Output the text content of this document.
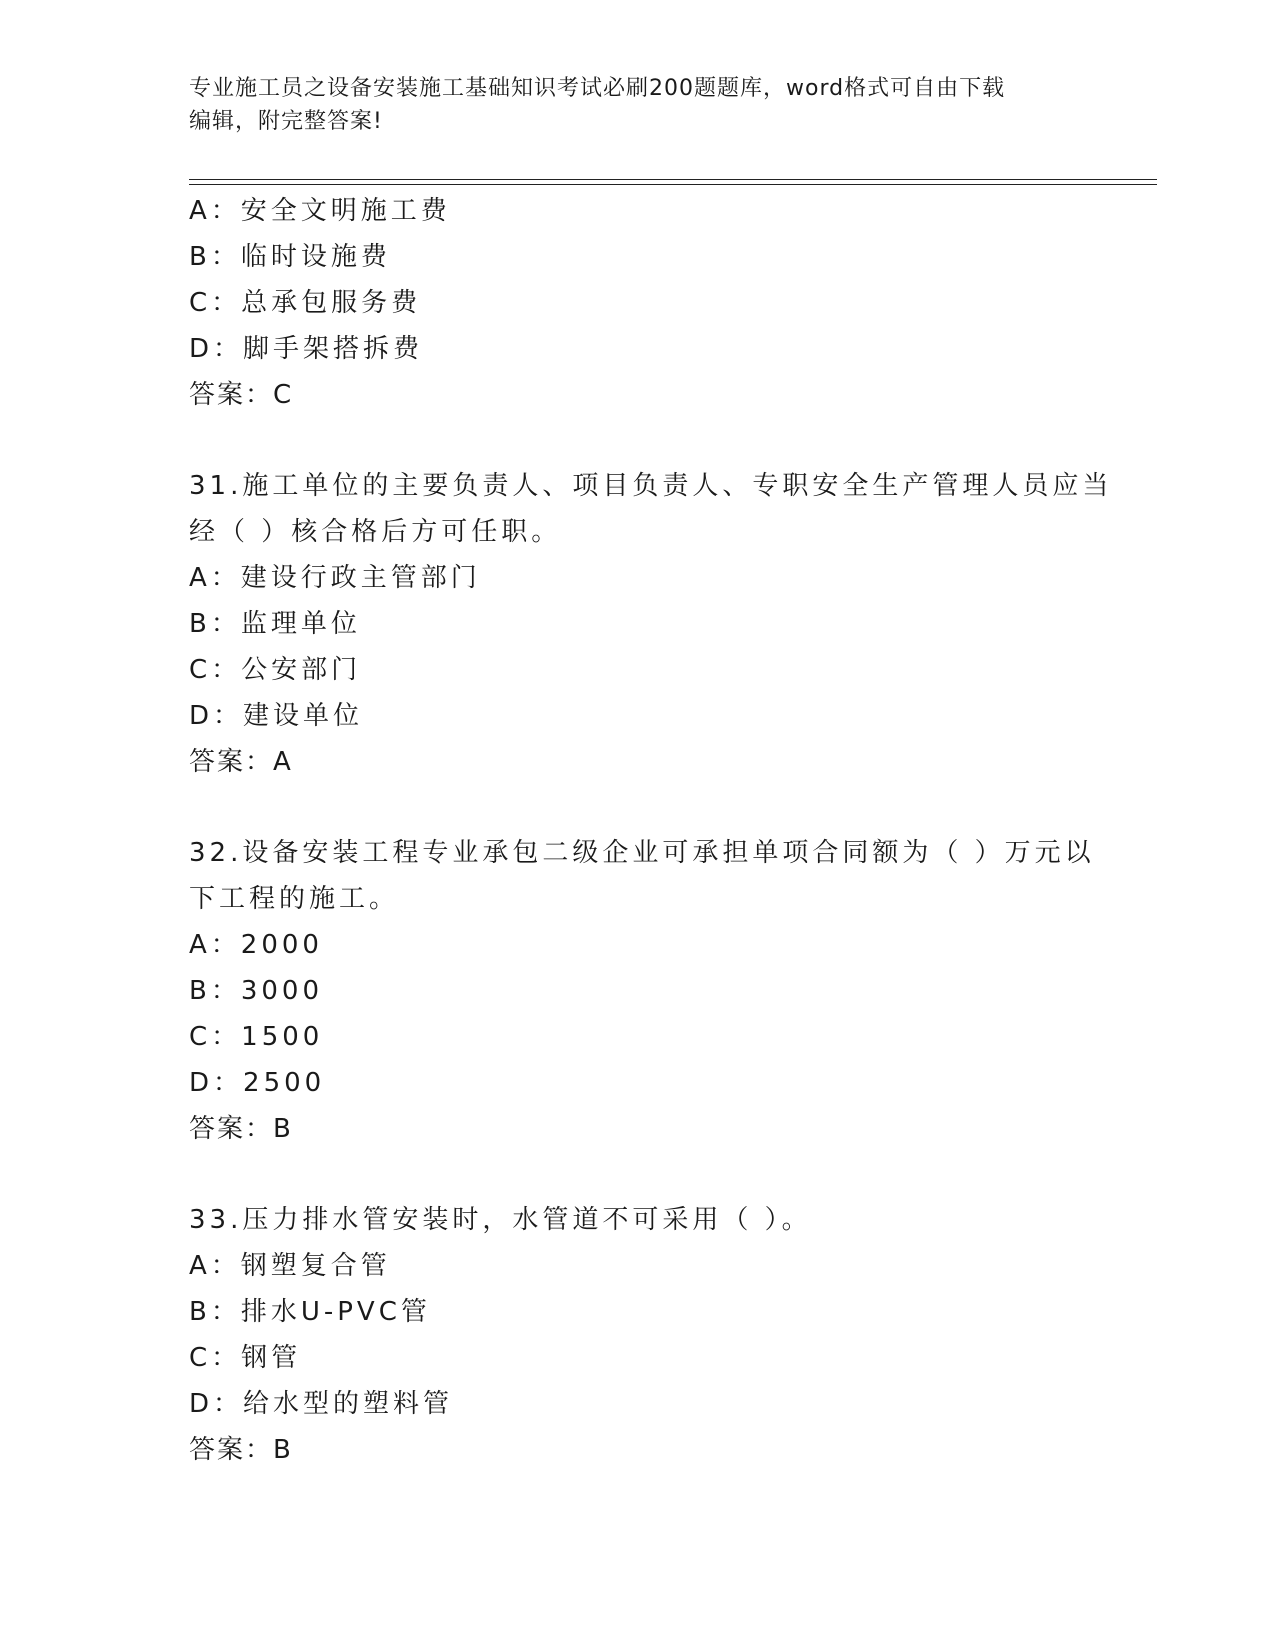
专业施工员之设备安装施工基础知识考试必刷200题题库，word格式可自由下载
编辑，附完整答案!
A：安全文明施工费
B：临时设施费
C：总承包服务费
D：脚手架搭拆费
答案：C
31.施工单位的主要负责人、项目负责人、专职安全生产管理人员应当
经（ ）核合格后方可任职。
A：建设行政主管部门
B：监理单位
C：公安部门
D：建设单位
答案：A
32.设备安装工程专业承包二级企业可承担单项合同额为（ ）万元以
下工程的施工。
A：2000
B：3000
C：1500
D：2500
答案：B
33.压力排水管安装时，水管道不可采用（ ）。
A：钢塑复合管
B：排水U-PVC管
C：钢管
D：给水型的塑料管
答案：B
